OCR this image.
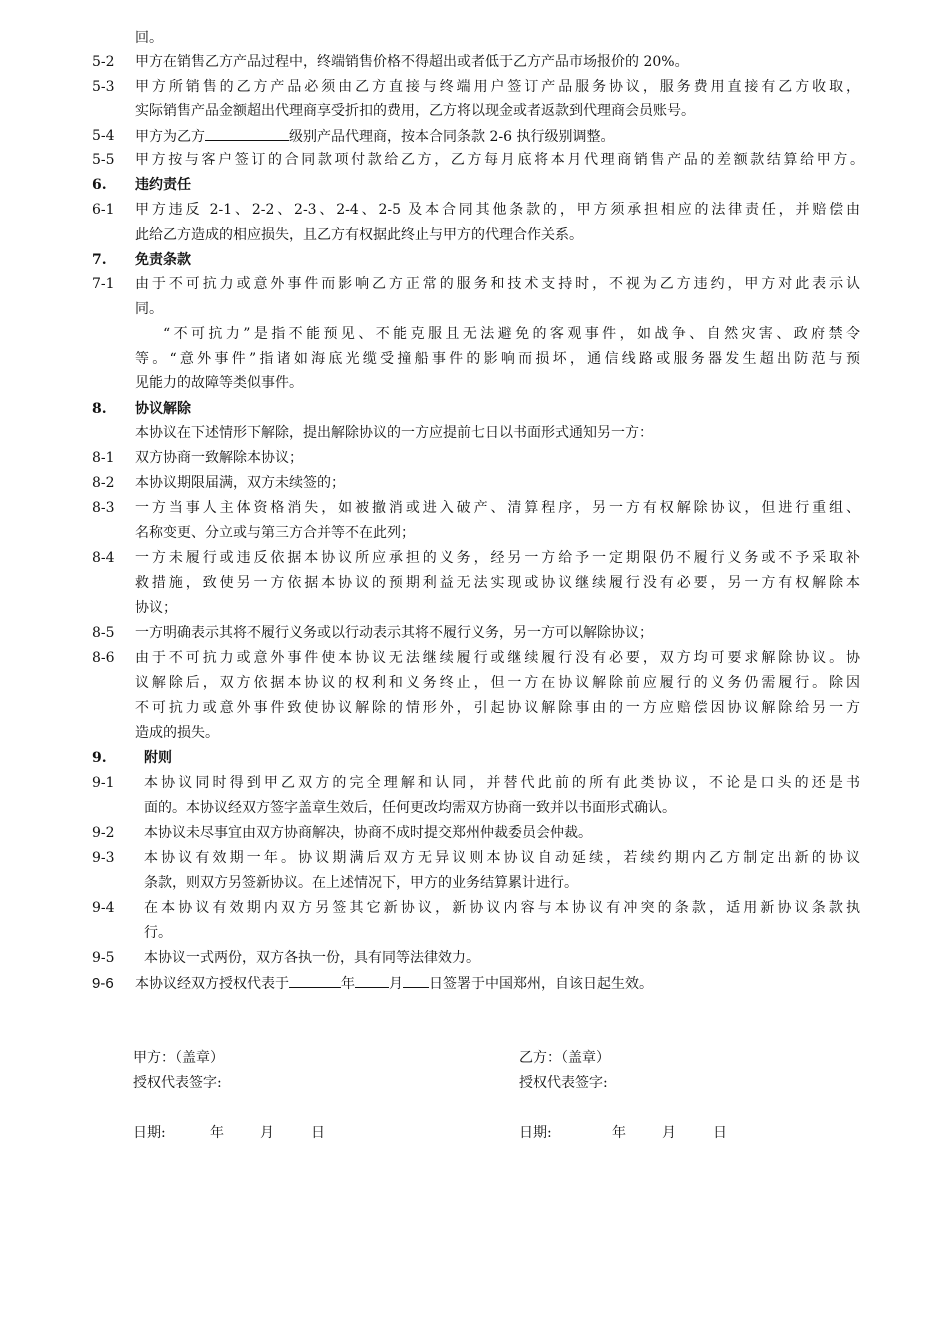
回。
5-2 甲方在销售乙方产品过程中，终端销售价格不得超出或者低于乙方产品市场报价的 20%。
5-3 甲方所销售的乙方产品必须由乙方直接与终端用户签订产品服务协议，服务费用直接有乙方收取，
实际销售产品金额超出代理商享受折扣的费用，乙方将以现金或者返款到代理商会员账号。
5-4 甲方为乙方	级别产品代理商，按本合同条款 2-6 执行级别调整。
5-5 甲方按与客户签订的合同款项付款给乙方，乙方每月底将本月代理商销售产品的差额款结算给甲方。
6. 违约责任
6-1 甲方违反 2-1、2-2、2-3、2-4、2-5 及本合同其他条款的，甲方须承担相应的法律责任，并赔偿由
此给乙方造成的相应损失，且乙方有权据此终止与甲方的代理合作关系。
7. 免责条款
7-1 由于不可抗力或意外事件而影响乙方正常的服务和技术支持时，不视为乙方违约，甲方对此表示认
同。
“不可抗力”是指不能预见、不能克服且无法避免的客观事件，如战争、自然灾害、政府禁令
等。“意外事件”指诸如海底光缆受撞船事件的影响而损坏，通信线路或服务器发生超出防范与预
见能力的故障等类似事件。
8. 协议解除
本协议在下述情形下解除，提出解除协议的一方应提前七日以书面形式通知另一方：
8-1 双方协商一致解除本协议；
8-2 本协议期限届满，双方未续签的；
8-3 一方当事人主体资格消失，如被撤消或进入破产、清算程序，另一方有权解除协议，但进行重组、
名称变更、分立或与第三方合并等不在此列；
8-4 一方未履行或违反依据本协议所应承担的义务，经另一方给予一定期限仍不履行义务或不予采取补
救措施，致使另一方依据本协议的预期利益无法实现或协议继续履行没有必要，另一方有权解除本
协议；
8-5 一方明确表示其将不履行义务或以行动表示其将不履行义务，另一方可以解除协议；
8-6 由于不可抗力或意外事件使本协议无法继续履行或继续履行没有必要，双方均可要求解除协议。协
议解除后，双方依据本协议的权利和义务终止，但一方在协议解除前应履行的义务仍需履行。除因
不可抗力或意外事件致使协议解除的情形外，引起协议解除事由的一方应赔偿因协议解除给另一方
造成的损失。
9.	附则
9-1 本协议同时得到甲乙双方的完全理解和认同，并替代此前的所有此类协议，不论是口头的还是书
面的。本协议经双方签字盖章生效后，任何更改均需双方协商一致并以书面形式确认。
9-2 本协议未尽事宜由双方协商解决，协商不成时提交郑州仲裁委员会仲裁。
9-3 本协议有效期一年。协议期满后双方无异议则本协议自动延续，若续约期内乙方制定出新的协议
条款，则双方另签新协议。在上述情况下，甲方的业务结算累计进行。
9-4 在本协议有效期内双方另签其它新协议，新协议内容与本协议有冲突的条款，适用新协议条款执
行。
9-5 本协议一式两份，双方各执一份，具有同等法律效力。
9-6 本协议经双方授权代表于	年 月 日签署于中国郑州，自该日起生效。
甲方：（盖章）	乙方：（盖章）
授权代表签字:	授权代表签字:
日期:	年	月	日	日期:	年	月	日
